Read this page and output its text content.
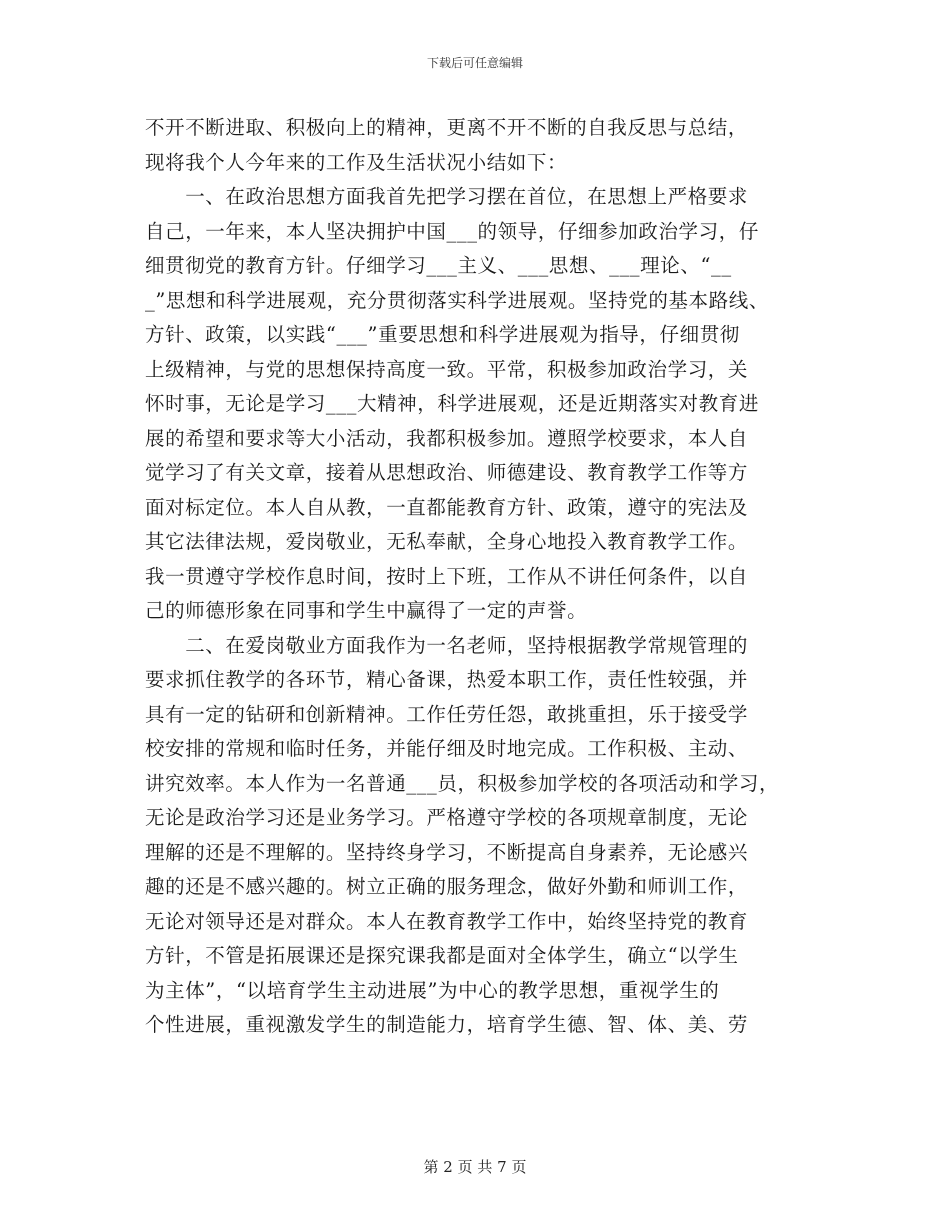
下载后可任意编辑
不开不断进取、积极向上的精神，更离不开不断的自我反思与总结，
现将我个人今年来的工作及生活状况小结如下：
　　一、在政治思想方面我首先把学习摆在首位，在思想上严格要求
自己，一年来，本人坚决拥护中国___的领导，仔细参加政治学习，仔
细贯彻党的教育方针。仔细学习___主义、___思想、___理论、“__
_”思想和科学进展观，充分贯彻落实科学进展观。坚持党的基本路线、
方针、政策，以实践“___”重要思想和科学进展观为指导，仔细贯彻
上级精神，与党的思想保持高度一致。平常，积极参加政治学习，关
怀时事，无论是学习___大精神，科学进展观，还是近期落实对教育进
展的希望和要求等大小活动，我都积极参加。遵照学校要求，本人自
觉学习了有关文章，接着从思想政治、师德建设、教育教学工作等方
面对标定位。本人自从教，一直都能教育方针、政策，遵守的宪法及
其它法律法规，爱岗敬业，无私奉献，全身心地投入教育教学工作。
我一贯遵守学校作息时间，按时上下班，工作从不讲任何条件，以自
己的师德形象在同事和学生中赢得了一定的声誉。
　　二、在爱岗敬业方面我作为一名老师，坚持根据教学常规管理的
要求抓住教学的各环节，精心备课，热爱本职工作，责任性较强，并
具有一定的钻研和创新精神。工作任劳任怨，敢挑重担，乐于接受学
校安排的常规和临时任务，并能仔细及时地完成。工作积极、主动、
讲究效率。本人作为一名普通___员，积极参加学校的各项活动和学习，
无论是政治学习还是业务学习。严格遵守学校的各项规章制度，无论
理解的还是不理解的。坚持终身学习，不断提高自身素养，无论感兴
趣的还是不感兴趣的。树立正确的服务理念，做好外勤和师训工作，
无论对领导还是对群众。本人在教育教学工作中，始终坚持党的教育
方针，不管是拓展课还是探究课我都是面对全体学生，确立“以学生
为主体”，“以培育学生主动进展”为中心的教学思想，重视学生的
个性进展，重视激发学生的制造能力，培育学生德、智、体、美、劳
第 2 页 共 7 页
